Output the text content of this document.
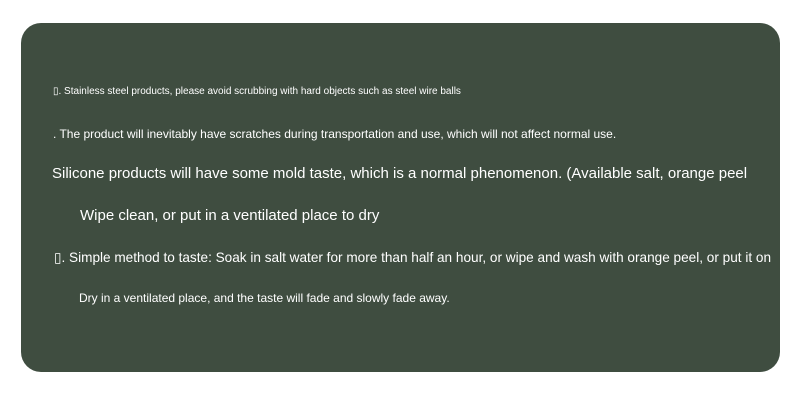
▯. Stainless steel products, please avoid scrubbing with hard objects such as steel wire balls
. The product will inevitably have scratches during transportation and use, which will not affect normal use.
Silicone products will have some mold taste, which is a normal phenomenon. (Available salt, orange peel
Wipe clean, or put in a ventilated place to dry
▯. Simple method to taste: Soak in salt water for more than half an hour, or wipe and wash with orange peel, or put it on
Dry in a ventilated place, and the taste will fade and slowly fade away.
